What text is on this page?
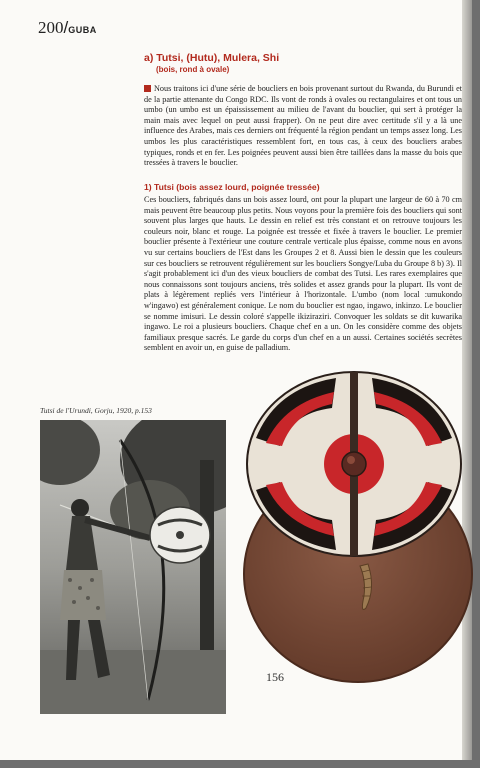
200/GUBA
a) Tutsi, (Hutu), Mulera, Shi
(bois, rond à ovale)

Nous traitons ici d'une série de boucliers en bois provenant surtout du Rwanda, du Burundi et de la partie attenante du Congo RDC. Ils vont de ronds à ovales ou rectangulaires et ont tous un umbo (un umbo est un épaississement au milieu de l'avant du bouclier, qui sert à protéger la main mais avec lequel on peut aussi frapper). On ne peut dire avec certitude s'il y a là une influence des Arabes, mais ces derniers ont fréquenté la région pendant un temps assez long. Les umbos les plus caractéristiques ressemblent fort, en tous cas, à ceux des boucliers arabes typiques, ronds et en fer. Les poignées peuvent aussi bien être taillées dans la masse du bois que tressées à travers le bouclier.

1) Tutsi (bois assez lourd, poignée tressée)

Ces boucliers, fabriqués dans un bois assez lourd, ont pour la plupart une largeur de 60 à 70 cm mais peuvent être beaucoup plus petits. Nous voyons pour la première fois des boucliers qui sont souvent plus larges que hauts. Le dessin en relief est très constant et on retrouve toujours les couleurs noir, blanc et rouge. La poignée est tressée et fixée à travers le bouclier. Le premier bouclier présente à l'extérieur une couture centrale verticale plus épaisse, comme nous en avons vu sur certains boucliers de l'Est dans les Groupes 2 et 8. Aussi bien le dessin que les couleurs sur ces boucliers se retrouvent régulièrement sur les boucliers Songye/Luba du Groupe 8 b) 3). Il s'agit probablement ici d'un des vieux boucliers de combat des Tutsi. Les rares exemplaires que nous connaissons sont toujours anciens, très solides et assez grands pour la plupart. Ils vont de plats à légèrement repliés vers l'intérieur à l'horizontale. L'umbo (nom local :umukondo w'ingawo) est généralement conique. Le nom du bouclier est ngao, ingawo, inkinzo. Le bouclier se nomme imisuri. Le dessin coloré s'appelle ikiziraziri. Convoquer les soldats se dit kuwarika ingawo. Le roi a plusieurs boucliers. Chaque chef en a un. On les considère comme des objets familiaux presque sacrés. Le garde du corps d'un chef en a un aussi. Certaines sociétés secrètes semblent en avoir un, en guise de palladium.

Tutsi de l'Urundi, Gorju, 1920, p.153
156
